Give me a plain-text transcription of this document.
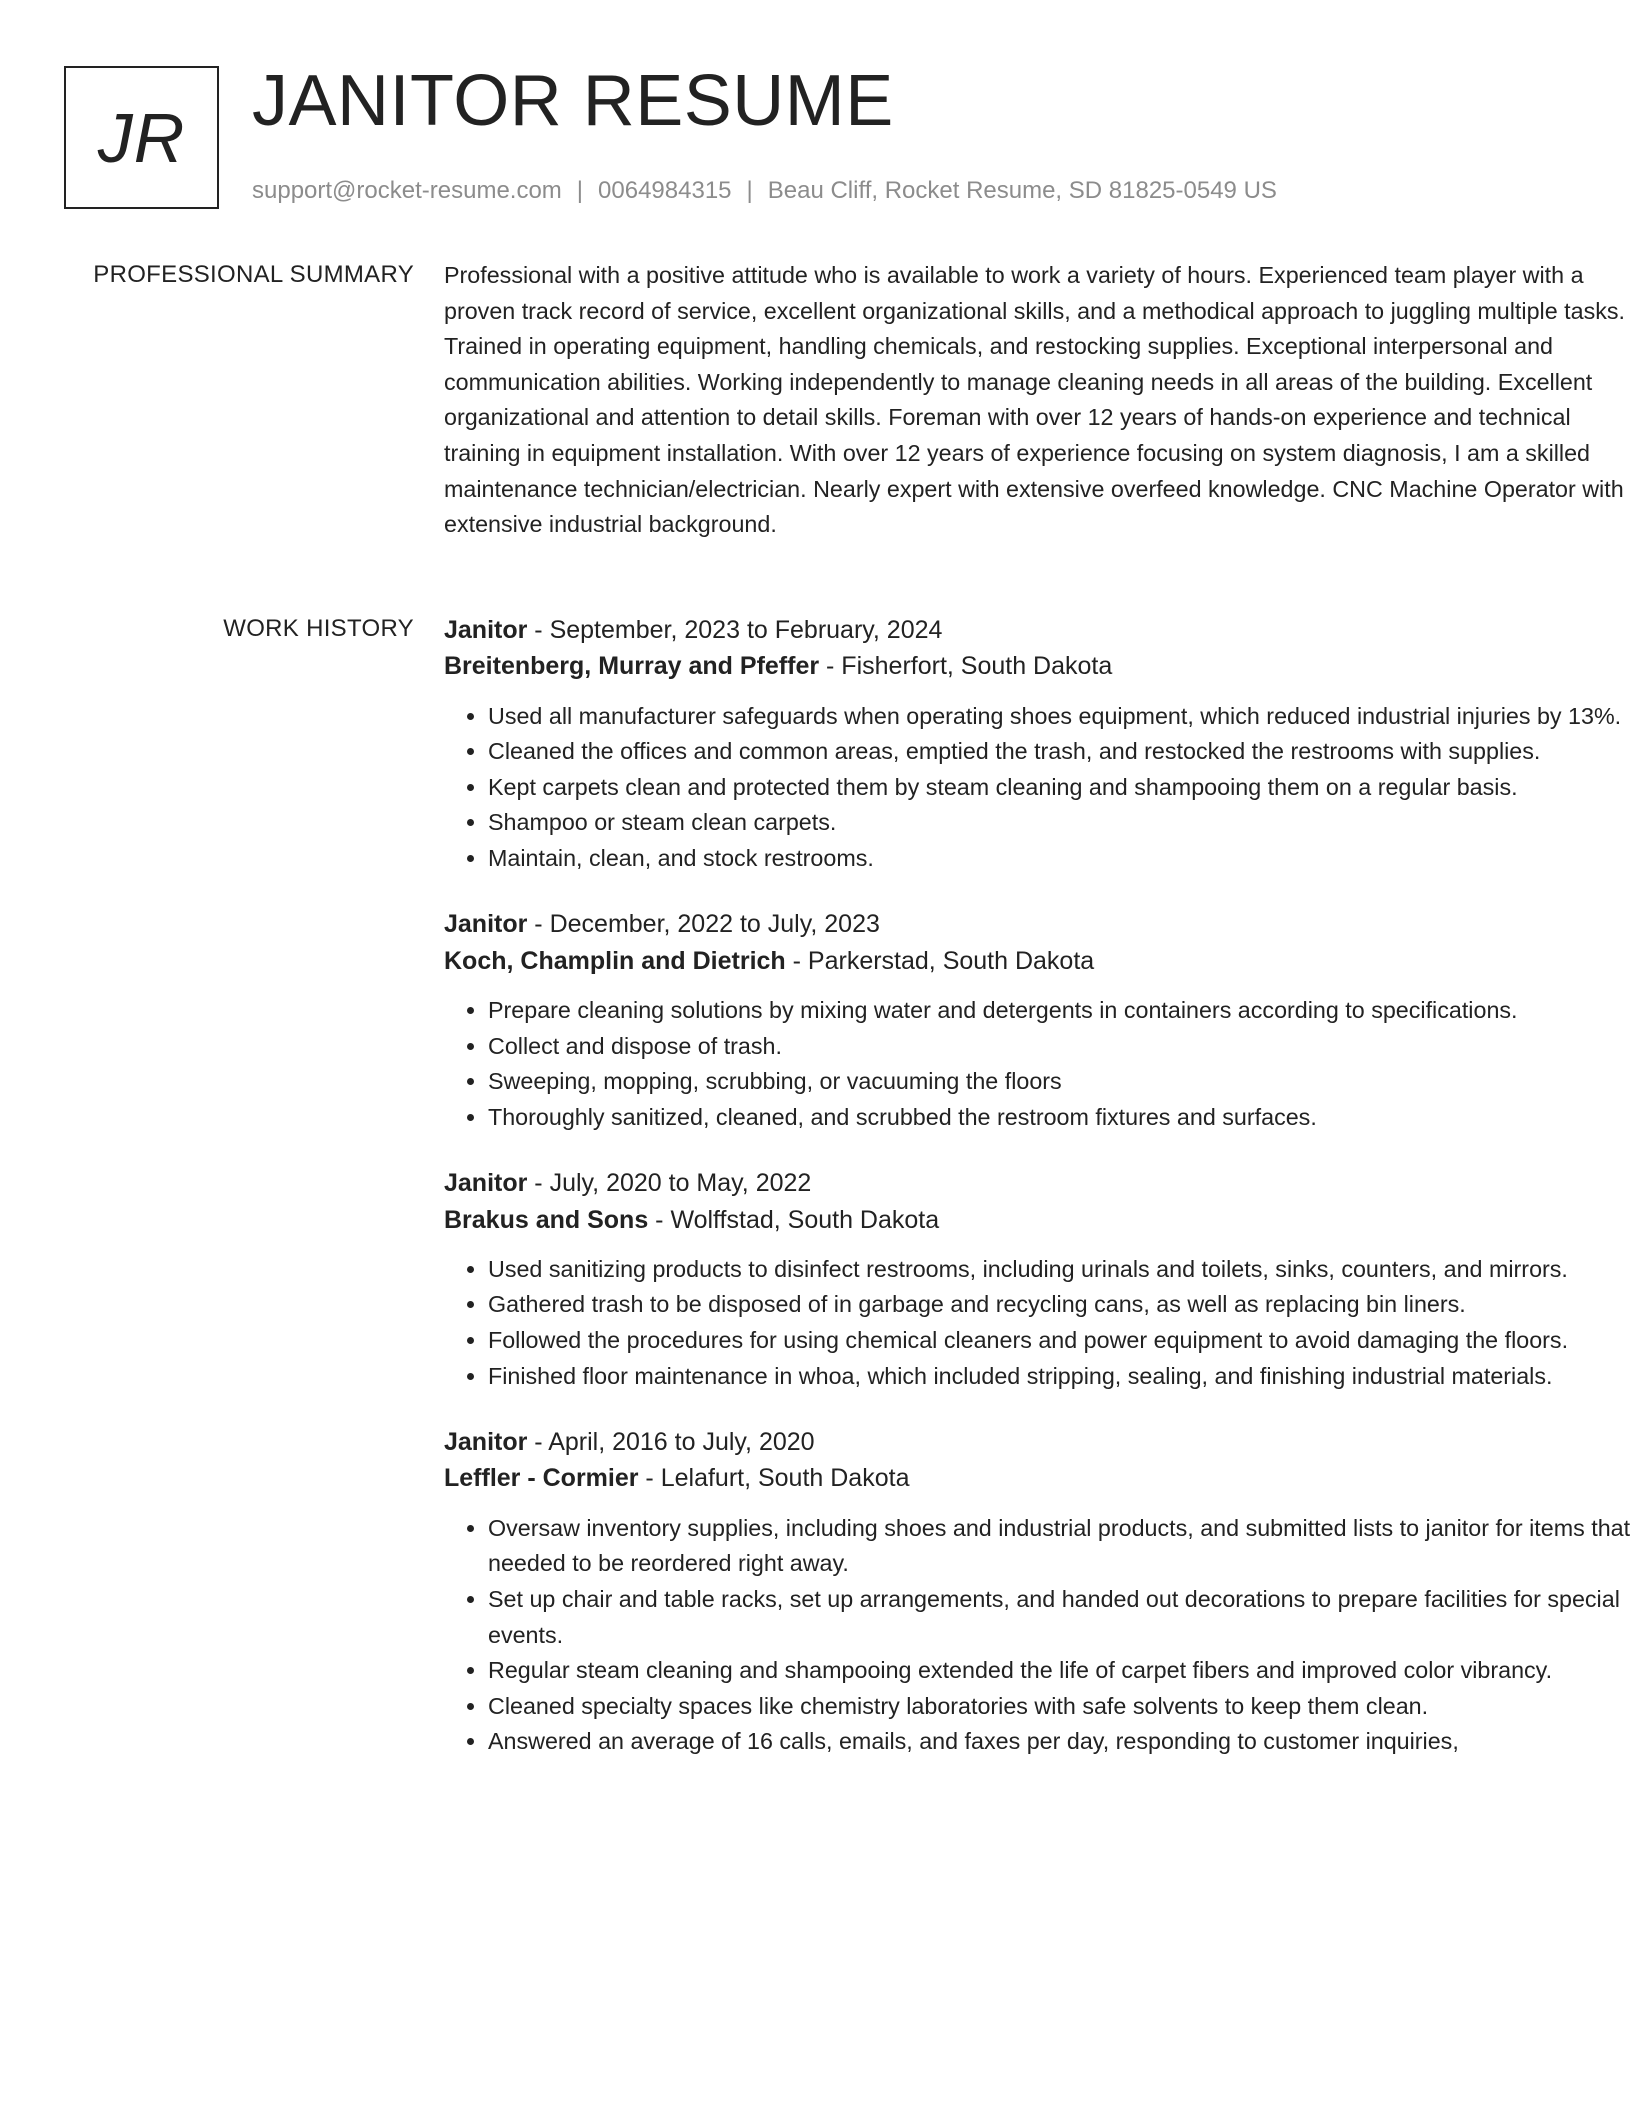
JR JANITOR RESUME
support@rocket-resume.com | 0064984315 | Beau Cliff, Rocket Resume, SD 81825-0549 US
PROFESSIONAL SUMMARY Professional with a positive attitude who is available to work a variety of hours. Experienced team player with a proven track record of service, excellent organizational skills, and a methodical approach to juggling multiple tasks. Trained in operating equipment, handling chemicals, and restocking supplies. Exceptional interpersonal and communication abilities. Working independently to manage cleaning needs in all areas of the building. Excellent organizational and attention to detail skills. Foreman with over 12 years of hands-on experience and technical training in equipment installation. With over 12 years of experience focusing on system diagnosis, I am a skilled maintenance technician/electrician. Nearly expert with extensive overfeed knowledge. CNC Machine Operator with extensive industrial background.

WORK HISTORY Janitor - September, 2023 to February, 2024
Breitenberg, Murray and Pfeffer - Fisherfort, South Dakota
• Used all manufacturer safeguards when operating shoes equipment, which reduced industrial injuries by 13%.
• Cleaned the offices and common areas, emptied the trash, and restocked the restrooms with supplies.
• Kept carpets clean and protected them by steam cleaning and shampooing them on a regular basis.
• Shampoo or steam clean carpets.
• Maintain, clean, and stock restrooms.
Janitor - December, 2022 to July, 2023
Koch, Champlin and Dietrich - Parkerstad, South Dakota
• Prepare cleaning solutions by mixing water and detergents in containers according to specifications.
• Collect and dispose of trash.
• Sweeping, mopping, scrubbing, or vacuuming the floors
• Thoroughly sanitized, cleaned, and scrubbed the restroom fixtures and surfaces.
Janitor - July, 2020 to May, 2022
Brakus and Sons - Wolffstad, South Dakota
• Used sanitizing products to disinfect restrooms, including urinals and toilets, sinks, counters, and mirrors.
• Gathered trash to be disposed of in garbage and recycling cans, as well as replacing bin liners.
• Followed the procedures for using chemical cleaners and power equipment to avoid damaging the floors.
• Finished floor maintenance in whoa, which included stripping, sealing, and finishing industrial materials.
Janitor - April, 2016 to July, 2020
Leffler - Cormier - Lelafurt, South Dakota
• Oversaw inventory supplies, including shoes and industrial products, and submitted lists to janitor for items that needed to be reordered right away.
• Set up chair and table racks, set up arrangements, and handed out decorations to prepare facilities for special events.
• Regular steam cleaning and shampooing extended the life of carpet fibers and improved color vibrancy.
• Cleaned specialty spaces like chemistry laboratories with safe solvents to keep them clean.
• Answered an average of 16 calls, emails, and faxes per day, responding to customer inquiries,
